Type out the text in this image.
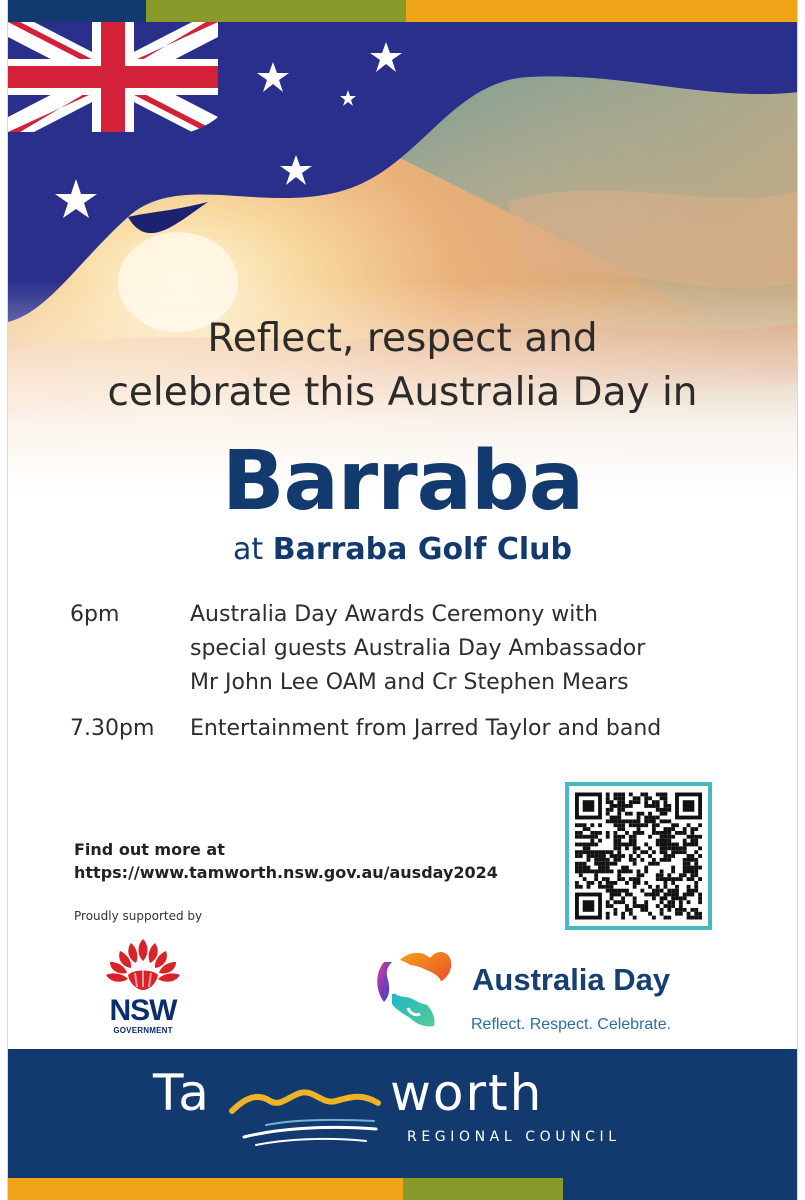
Reflect, respect and
celebrate this Australia Day in
Barraba
at Barraba Golf Club
6pm	Australia Day Awards Ceremony with
special guests Australia Day Ambassador
Mr John Lee OAM and Cr Stephen Mears
7.30pm	Entertainment from Jarred Taylor and band
Find out more at
https://www.tamworth.nsw.gov.au/ausday2024
Proudly supported by
NSW
GOVERNMENT
Australia Day
Reflect. Respect. Celebrate.
Ta	worth
REGIONAL COUNCIL
